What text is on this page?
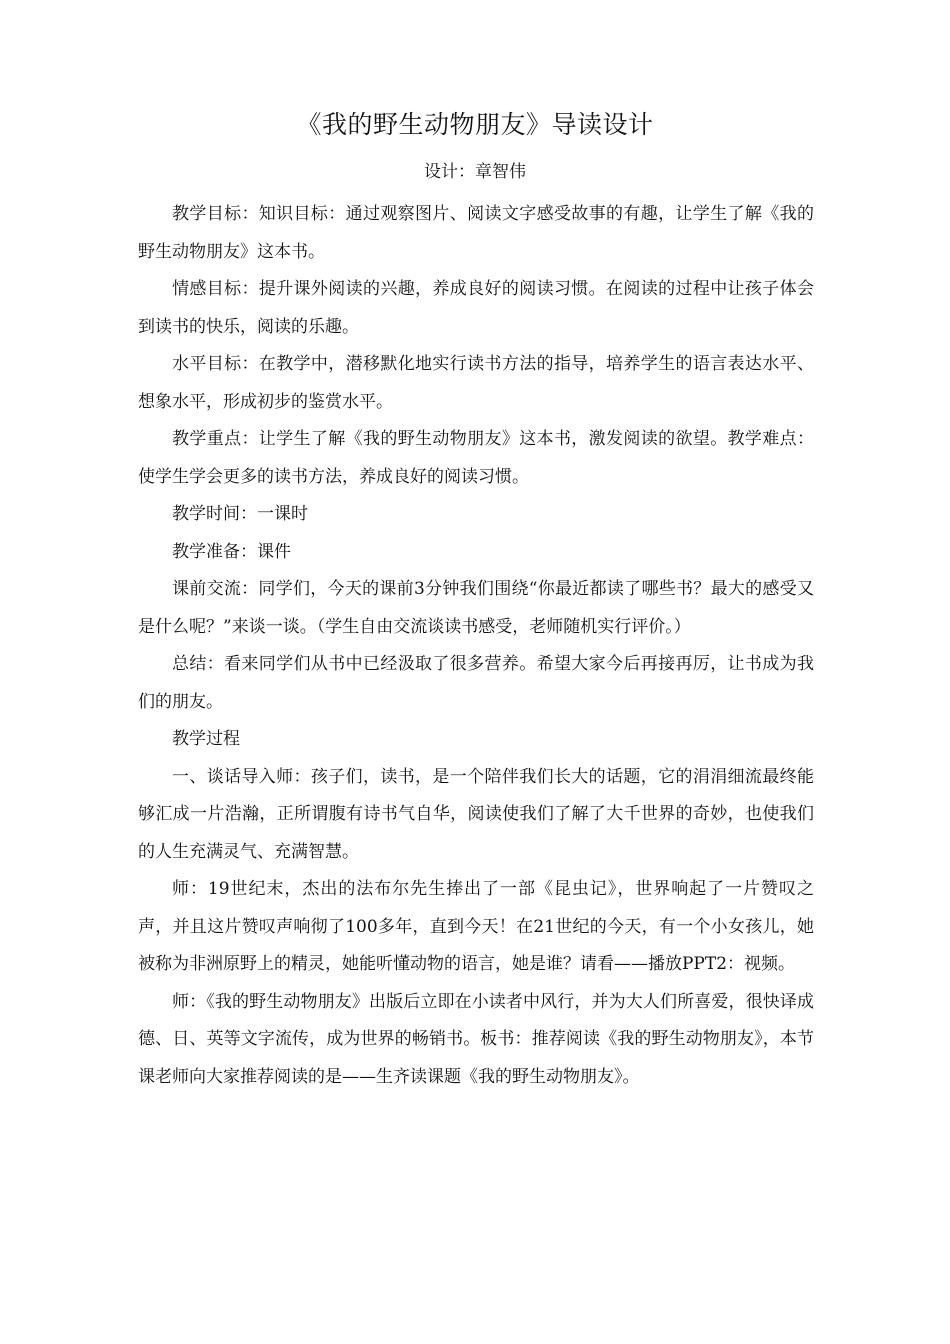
《我的野生动物朋友》导读设计
设计：章智伟

教学目标：知识目标：通过观察图片、阅读文字感受故事的有趣，让学生了解《我的野生动物朋友》这本书。

情感目标：提升课外阅读的兴趣，养成良好的阅读习惯。在阅读的过程中让孩子体会到读书的快乐，阅读的乐趣。

水平目标：在教学中，潜移默化地实行读书方法的指导，培养学生的语言表达水平、想象水平，形成初步的鉴赏水平。

教学重点：让学生了解《我的野生动物朋友》这本书，激发阅读的欲望。教学难点：使学生学会更多的读书方法，养成良好的阅读习惯。

教学时间：一课时

教学准备：课件

课前交流：同学们，今天的课前3分钟我们围绕“你最近都读了哪些书？最大的感受又是什么呢？”来谈一谈。（学生自由交流谈读书感受，老师随机实行评价。）

总结：看来同学们从书中已经汲取了很多营养。希望大家今后再接再厉，让书成为我们的朋友。

教学过程

一、谈话导入师：孩子们，读书，是一个陪伴我们长大的话题，它的涓涓细流最终能够汇成一片浩瀚，正所谓腹有诗书气自华，阅读使我们了解了大千世界的奇妙，也使我们的人生充满灵气、充满智慧。

师：19世纪末，杰出的法布尔先生捧出了一部《昆虫记》，世界响起了一片赞叹之声，并且这片赞叹声响彻了100多年，直到今天！在21世纪的今天，有一个小女孩儿，她被称为非洲原野上的精灵，她能听懂动物的语言，她是谁？请看——播放PPT2：视频。

师：《我的野生动物朋友》出版后立即在小读者中风行，并为大人们所喜爱，很快译成德、日、英等文字流传，成为世界的畅销书。板书：推荐阅读《我的野生动物朋友》，本节课老师向大家推荐阅读的是——生齐读课题《我的野生动物朋友》。
